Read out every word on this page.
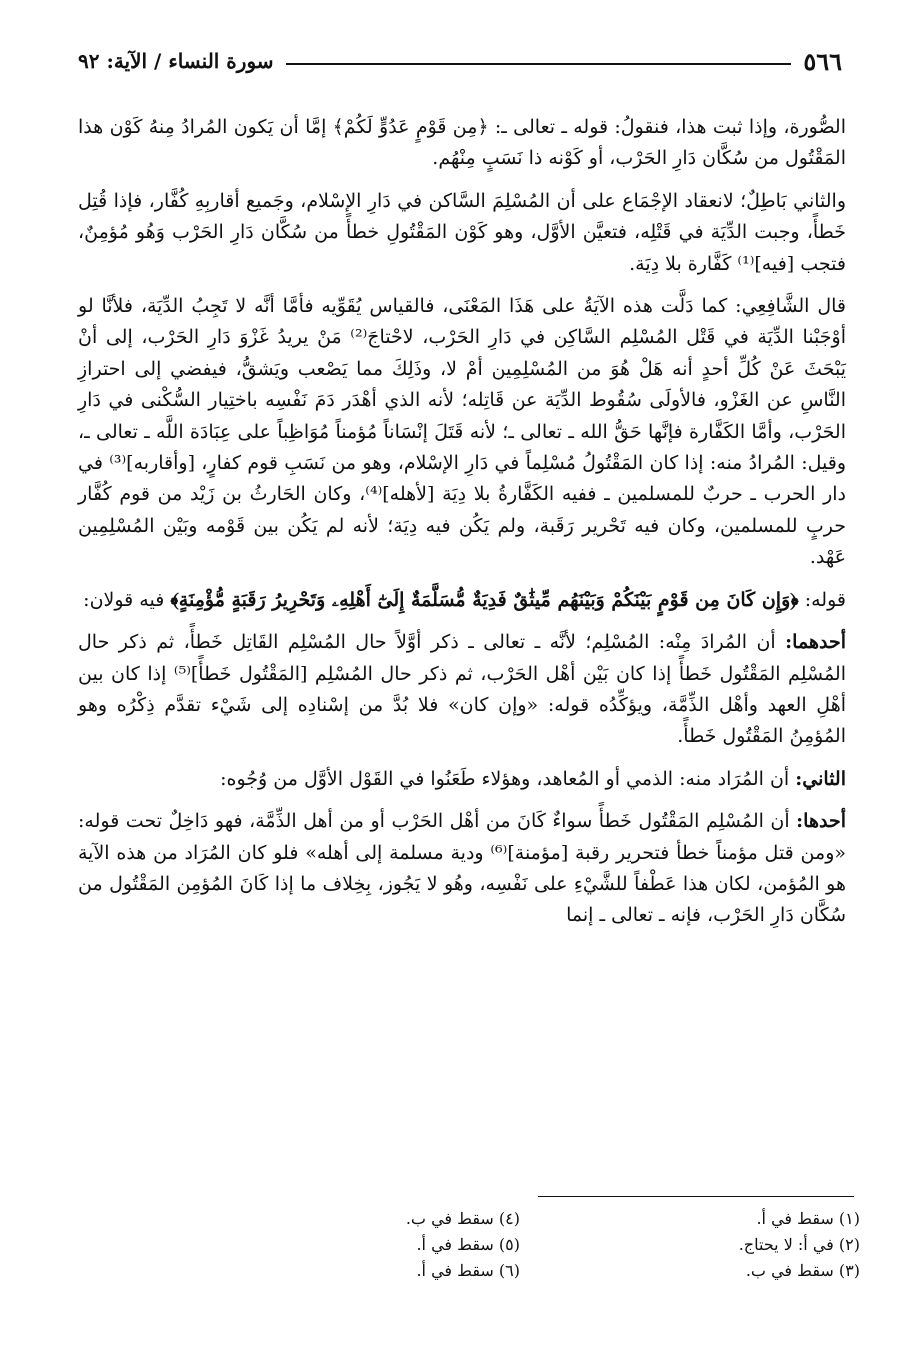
٥٦٦
سورة النساء / الآية: ٩٢

الصُّورة، وإذا ثبت هذا، فنقولُ: قوله ـ تعالى ـ: ﴿مِن قَوْمٍ عَدُوٍّ لَكُمْ﴾ إمَّا أن يَكون المُرادُ مِنهُ كَوْن هذا المَقْتُول من سُكَّان دَارِ الحَرْب، أو كَوْنه ذا نَسَبٍ مِنْهُم.

والثاني بَاطِلٌ؛ لانعقاد الإجْمَاع على أن المُسْلِمَ السَّاكن في دَارِ الإسْلام، وجَميع أقاربِهِ كُفَّار، فإذا قُتِل خَطأً، وجبت الدِّيَة في قَتْلِه، فتعيَّن الأوَّل، وهو كَوْن المَقْتُولِ خطأً من سُكَّان دَارِ الحَرْب وَهُو مُؤمِنٌ، فتجب [فيه]⁽¹⁾ كَفَّارة بلا دِيَة.

قال الشَّافِعِي: كما دَلَّت هذه الآيَةُ على هَذَا المَعْنَى، فالقياس يُقَوِّيه فأمَّا أنَّه لا تَجِبُ الدِّيَة، فلأنَّا لو أوْجَبْنا الدِّيَة في قَتْل المُسْلِم السَّاكِن في دَارِ الحَرْب، لاحْتاجَ⁽²⁾ مَنْ يريدُ غَزْوَ دَارِ الحَرْب، إلى أنْ يَبْحَثَ عَنْ كُلِّ أحدٍ أنه هَلْ هُوَ من المُسْلِمِين أمْ لا، وذَلِكَ مما يَصْعب ويَشقُّ، فيفضي إلى احترازِ النَّاسِ عن الغَزْو، فالأولَى سُقُوط الدِّيَة عن قَاتِله؛ لأنه الذي أهْدَر دَمَ نَفْسِه باختِيار السُّكْنى في دَارِ الحَرْب، وأمَّا الكَفَّارة فإنَّها حَقُّ الله ـ تعالى ـ؛ لأنه قَتَلَ إنْسَاناً مُؤمناً مُوَاظِباً على عِبَادَة اللَّه ـ تعالى ـ، وقيل: المُرادُ منه: إذا كان المَقْتُولُ مُسْلِماً في دَارِ الإسْلام، وهو من نَسَبِ قوم كفارٍ، [وأقاربه]⁽³⁾ في دار الحرب ـ حربٌ للمسلمين ـ ففيه الكَفَّارةُ بلا دِيَة [لأهله]⁽⁴⁾، وكان الحَارثُ بن زَيْد من قوم كُفَّار حربٍ للمسلمين، وكان فيه تَحْرير رَقَبة، ولم يَكُن فيه دِيَة؛ لأنه لم يَكُن بين قَوْمه وبَيْن المُسْلِمِين عَهْد.

قوله: ﴿وَإِن كَانَ مِن قَوْمٍ بَيْنَكُمْ وَبَيْنَهُم مِّيثَٰقٌ فَدِيَةٌ مُّسَلَّمَةٌ إِلَىٰٓ أَهْلِهِۦ وَتَحْرِيرُ رَقَبَةٍ مُّؤْمِنَةٍ﴾ فيه قولان:

أحدهما: أن المُرادَ مِنْه: المُسْلِم؛ لأنَّه ـ تعالى ـ ذكر أوَّلاً حال المُسْلِم القَاتِل خَطأً، ثم ذكر حال المُسْلِم المَقْتُول خَطأً إذا كان بَيْن أهْل الحَرْب، ثم ذكر حال المُسْلِم [المَقْتُول خَطأً]⁽⁵⁾ إذا كان بين أهْلِ العهد وأهْل الذِّمَّة، ويؤكِّدُه قوله: «وإن كان» فلا بُدَّ من إسْنادِه إلى شَيْء تقدَّم ذِكْرُه وهو المُؤمِنُ المَقْتُول خَطأً.

الثاني: أن المُرَاد منه: الذمي أو المُعاهد، وهؤلاء طَعَنُوا في القَوْل الأوَّل من وُجُوه:

أحدها: أن المُسْلِم المَقْتُول خَطأً سواءٌ كَانَ من أهْل الحَرْب أو من أهل الذِّمَّة، فهو دَاخِلٌ تحت قوله: «ومن قتل مؤمناً خطأ فتحرير رقبة [مؤمنة]⁽⁶⁾ ودية مسلمة إلى أهله» فلو كان المُرَاد من هذه الآية هو المُؤمن، لكان هذا عَطْفاً للشَّيْءِ على نَفْسِه، وهُو لا يَجُوز، بِخِلاف ما إذا كَانَ المُؤمِن المَقْتُول من سُكَّان دَارِ الحَرْب، فإنه ـ تعالى ـ إنما

(١) سقط في أ.
(٢) في أ: لا يحتاج.
(٣) سقط في ب.
(٤) سقط في ب.
(٥) سقط في أ.
(٦) سقط في أ.
